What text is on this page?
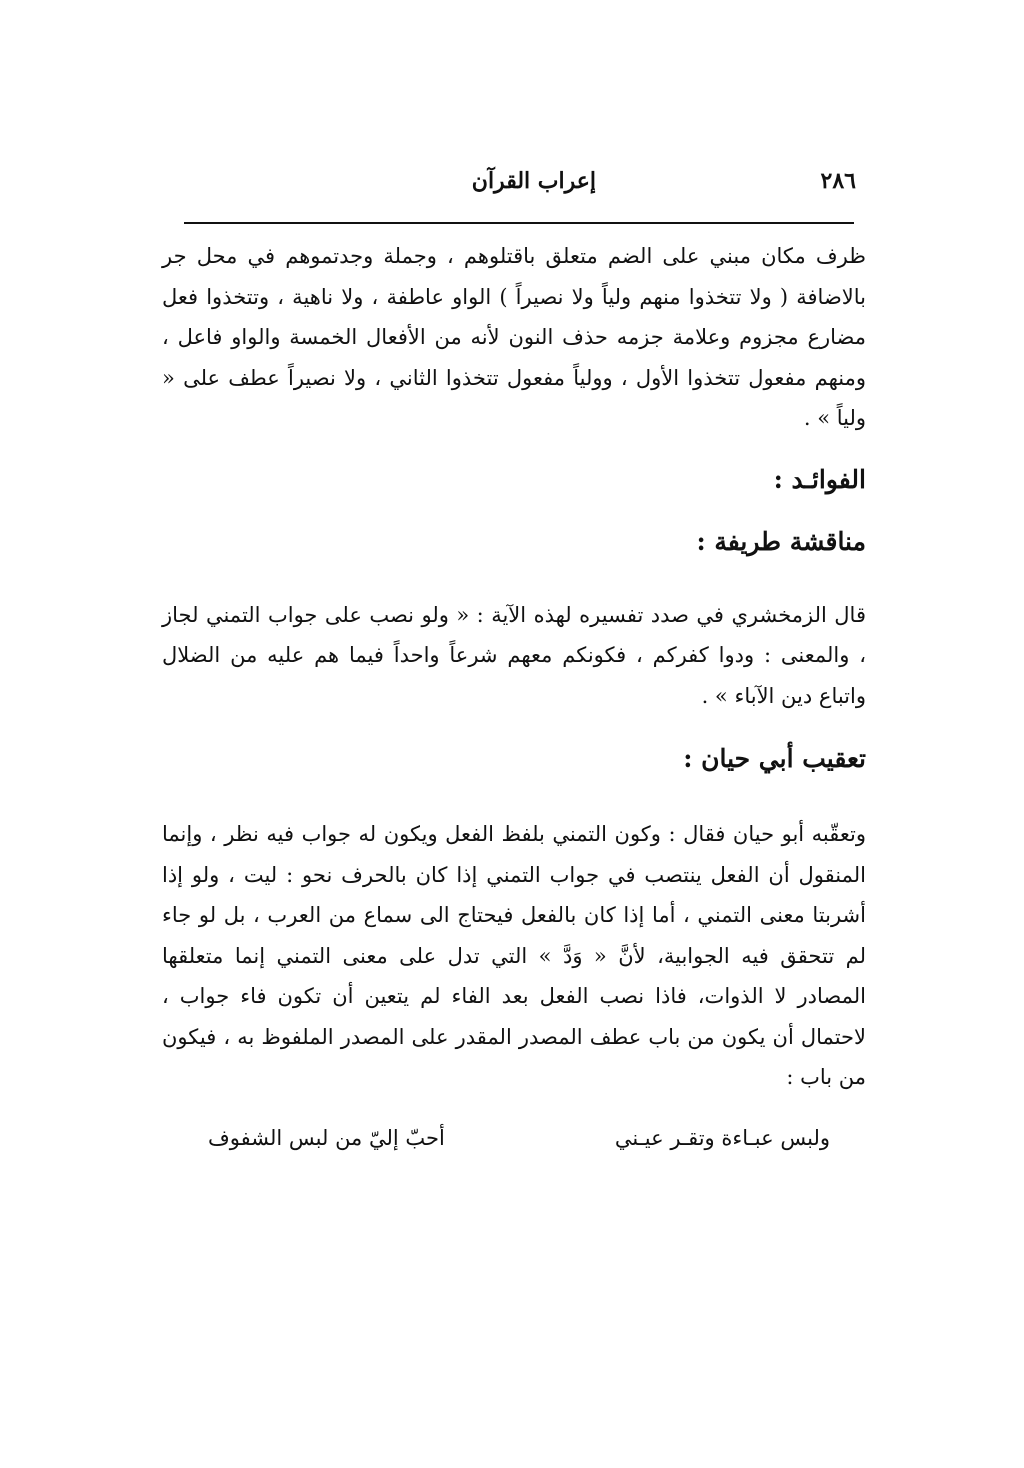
٢٨٦
إعراب القرآن

ظرف مكان مبني على الضم متعلق باقتلوهم ، وجملة وجدتموهم في محل جر بالاضافة ( ولا تتخذوا منهم ولياً ولا نصيراً ) الواو عاطفة ، ولا ناهية ، وتتخذوا فعل مضارع مجزوم وعلامة جزمه حذف النون لأنه من الأفعال الخمسة والواو فاعل ، ومنهم مفعول تتخذوا الأول ، وولياً مفعول تتخذوا الثاني ، ولا نصيراً عطف على « ولياً » .

الفوائـد :
مناقشة طريفة :

قال الزمخشري في صدد تفسيره لهذه الآية : « ولو نصب على جواب التمني لجاز ، والمعنى : ودوا كفركم ، فكونكم معهم شرعاً واحداً فيما هم عليه من الضلال واتباع دين الآباء » .

تعقيب أبي حيان :

وتعقّبه أبو حيان فقال : وكون التمني بلفظ الفعل ويكون له جواب فيه نظر ، وإنما المنقول أن الفعل ينتصب في جواب التمني إذا كان بالحرف نحو : ليت ، ولو إذا أشربتا معنى التمني ، أما إذا كان بالفعل فيحتاج الى سماع من العرب ، بل لو جاء لم تتحقق فيه الجوابية، لأنَّ « وَدَّ » التي تدل على معنى التمني إنما متعلقها المصادر لا الذوات، فاذا نصب الفعل بعد الفاء لم يتعين أن تكون فاء جواب ، لاحتمال أن يكون من باب عطف المصدر المقدر على المصدر الملفوظ به ، فيكون من باب :

ولبس عبـاءة وتقـر عيـني
أحبّ إليّ من لبس الشفوف
